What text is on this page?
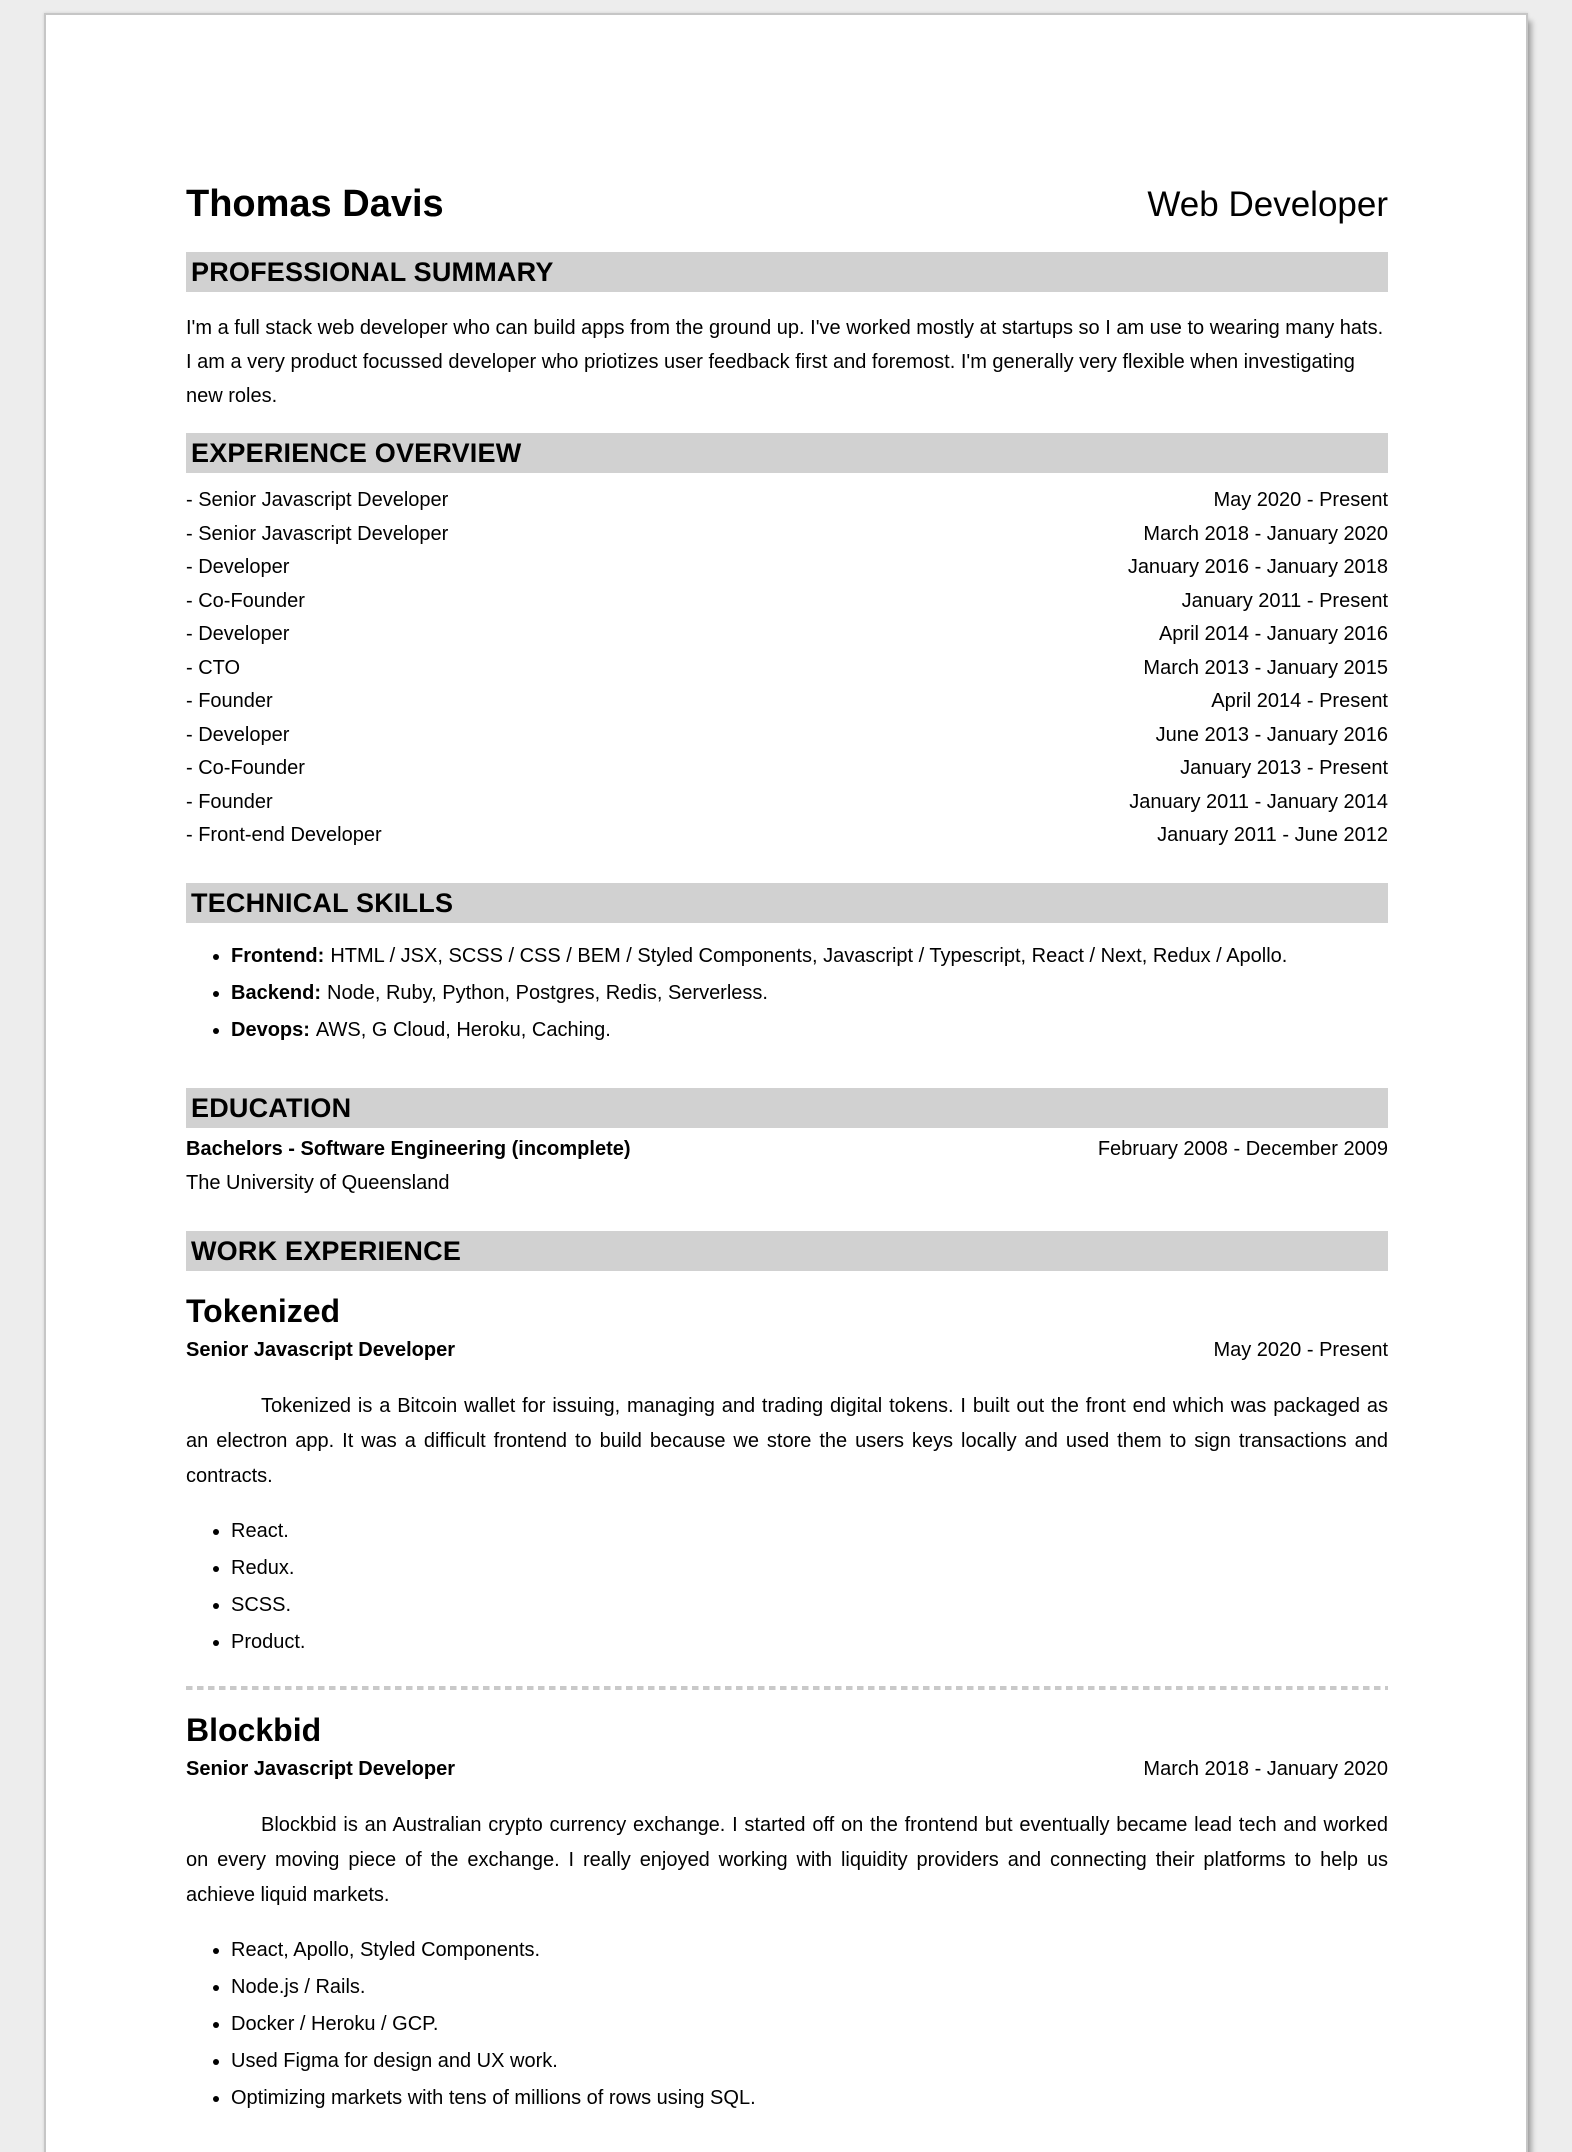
Thomas Davis	Web Developer
PROFESSIONAL SUMMARY
I'm a full stack web developer who can build apps from the ground up. I've worked mostly at startups so I am use to wearing many hats. I am a very product focussed developer who priotizes user feedback first and foremost. I'm generally very flexible when investigating new roles.
EXPERIENCE OVERVIEW
- Senior Javascript Developer	May 2020 - Present
- Senior Javascript Developer	March 2018 - January 2020
- Developer	January 2016 - January 2018
- Co-Founder	January 2011 - Present
- Developer	April 2014 - January 2016
- CTO	March 2013 - January 2015
- Founder	April 2014 - Present
- Developer	June 2013 - January 2016
- Co-Founder	January 2013 - Present
- Founder	January 2011 - January 2014
- Front-end Developer	January 2011 - June 2012
TECHNICAL SKILLS
• Frontend: HTML / JSX, SCSS / CSS / BEM / Styled Components, Javascript / Typescript, React / Next, Redux / Apollo.
• Backend: Node, Ruby, Python, Postgres, Redis, Serverless.
• Devops: AWS, G Cloud, Heroku, Caching.
EDUCATION
Bachelors - Software Engineering (incomplete)	February 2008 - December 2009
The University of Queensland
WORK EXPERIENCE
Tokenized
Senior Javascript Developer	May 2020 - Present
Tokenized is a Bitcoin wallet for issuing, managing and trading digital tokens. I built out the front end which was packaged as an electron app. It was a difficult frontend to build because we store the users keys locally and used them to sign transactions and contracts.
• React.
• Redux.
• SCSS.
• Product.
Blockbid
Senior Javascript Developer	March 2018 - January 2020
Blockbid is an Australian crypto currency exchange. I started off on the frontend but eventually became lead tech and worked on every moving piece of the exchange. I really enjoyed working with liquidity providers and connecting their platforms to help us achieve liquid markets.
• React, Apollo, Styled Components.
• Node.js / Rails.
• Docker / Heroku / GCP.
• Used Figma for design and UX work.
• Optimizing markets with tens of millions of rows using SQL.
